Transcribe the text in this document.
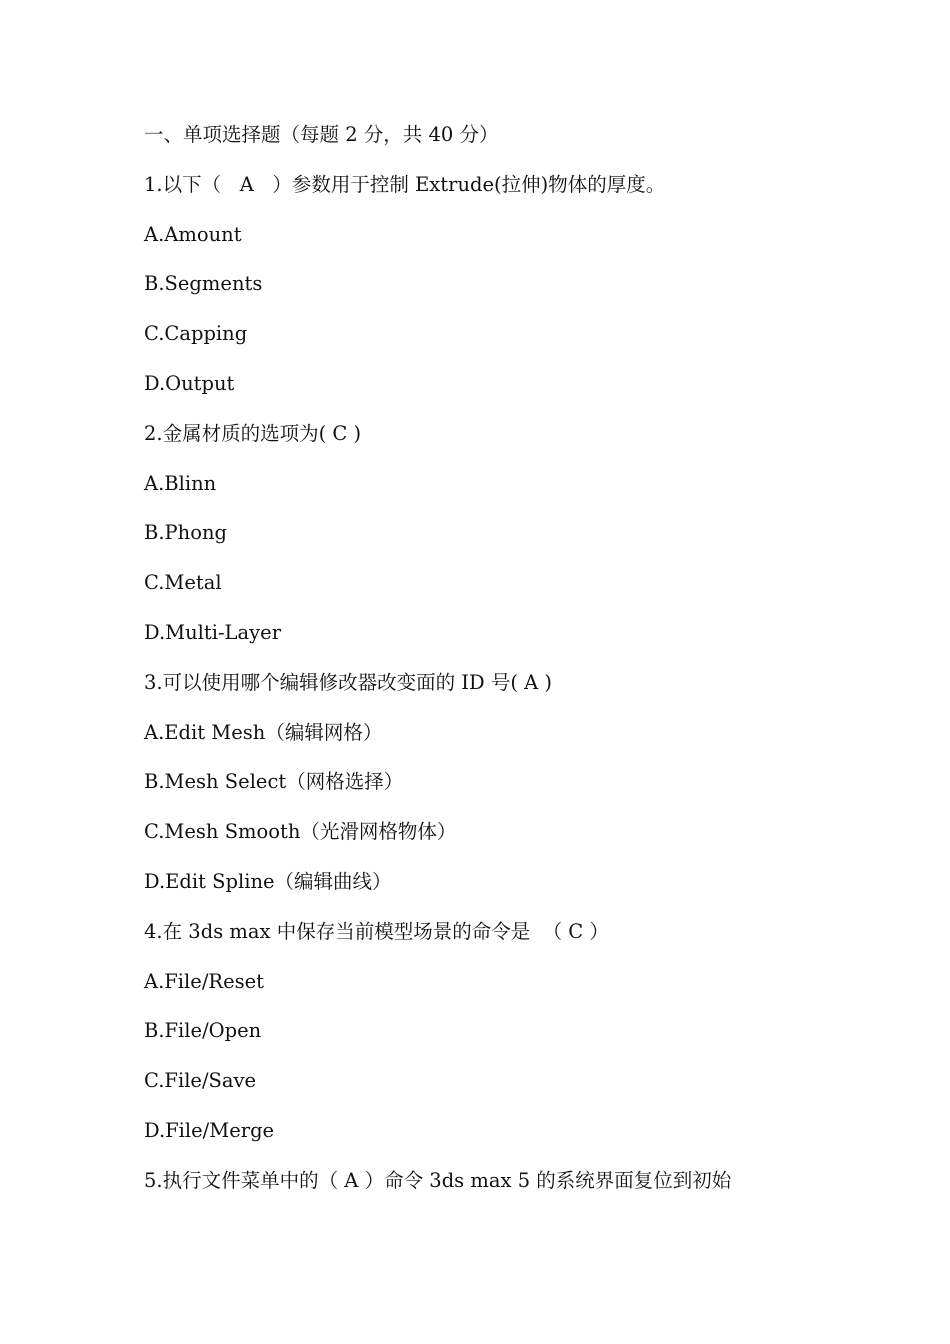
一、单项选择题（每题 2 分，共 40 分）
1.以下（   A   ）参数用于控制 Extrude(拉伸)物体的厚度。
A.Amount
B.Segments
C.Capping
D.Output
2.金属材质的选项为( C )
A.Blinn
B.Phong
C.Metal
D.Multi-Layer
3.可以使用哪个编辑修改器改变面的 ID 号( A )
A.Edit Mesh（编辑网格）
B.Mesh Select（网格选择）
C.Mesh Smooth（光滑网格物体）
D.Edit Spline（编辑曲线）
4.在 3ds max 中保存当前模型场景的命令是  （ C ）
A.File/Reset
B.File/Open
C.File/Save
D.File/Merge
5.执行文件菜单中的（ A ）命令 3ds max 5 的系统界面复位到初始
